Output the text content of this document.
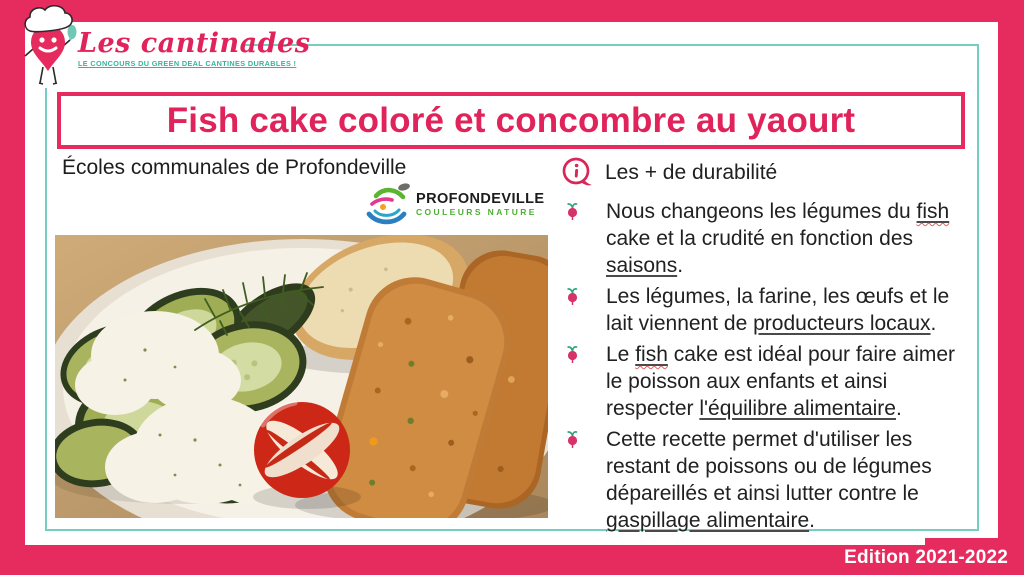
Les cantinades
LE CONCOURS DU GREEN DEAL CANTINES DURABLES !
Fish cake coloré et concombre au yaourt
Écoles communales de Profondeville
PROFONDEVILLE
COULEURS NATURE
Les + de durabilité

Nous changeons les légumes du fish cake et la crudité en fonction des saisons.

Les légumes, la farine, les œufs et le lait viennent de producteurs locaux.

Le fish cake est idéal pour faire aimer le poisson aux enfants et ainsi respecter l'équilibre alimentaire.

Cette recette permet d'utiliser les restant de poissons ou de légumes dépareillés et ainsi lutter contre le gaspillage alimentaire.

Edition 2021-2022
